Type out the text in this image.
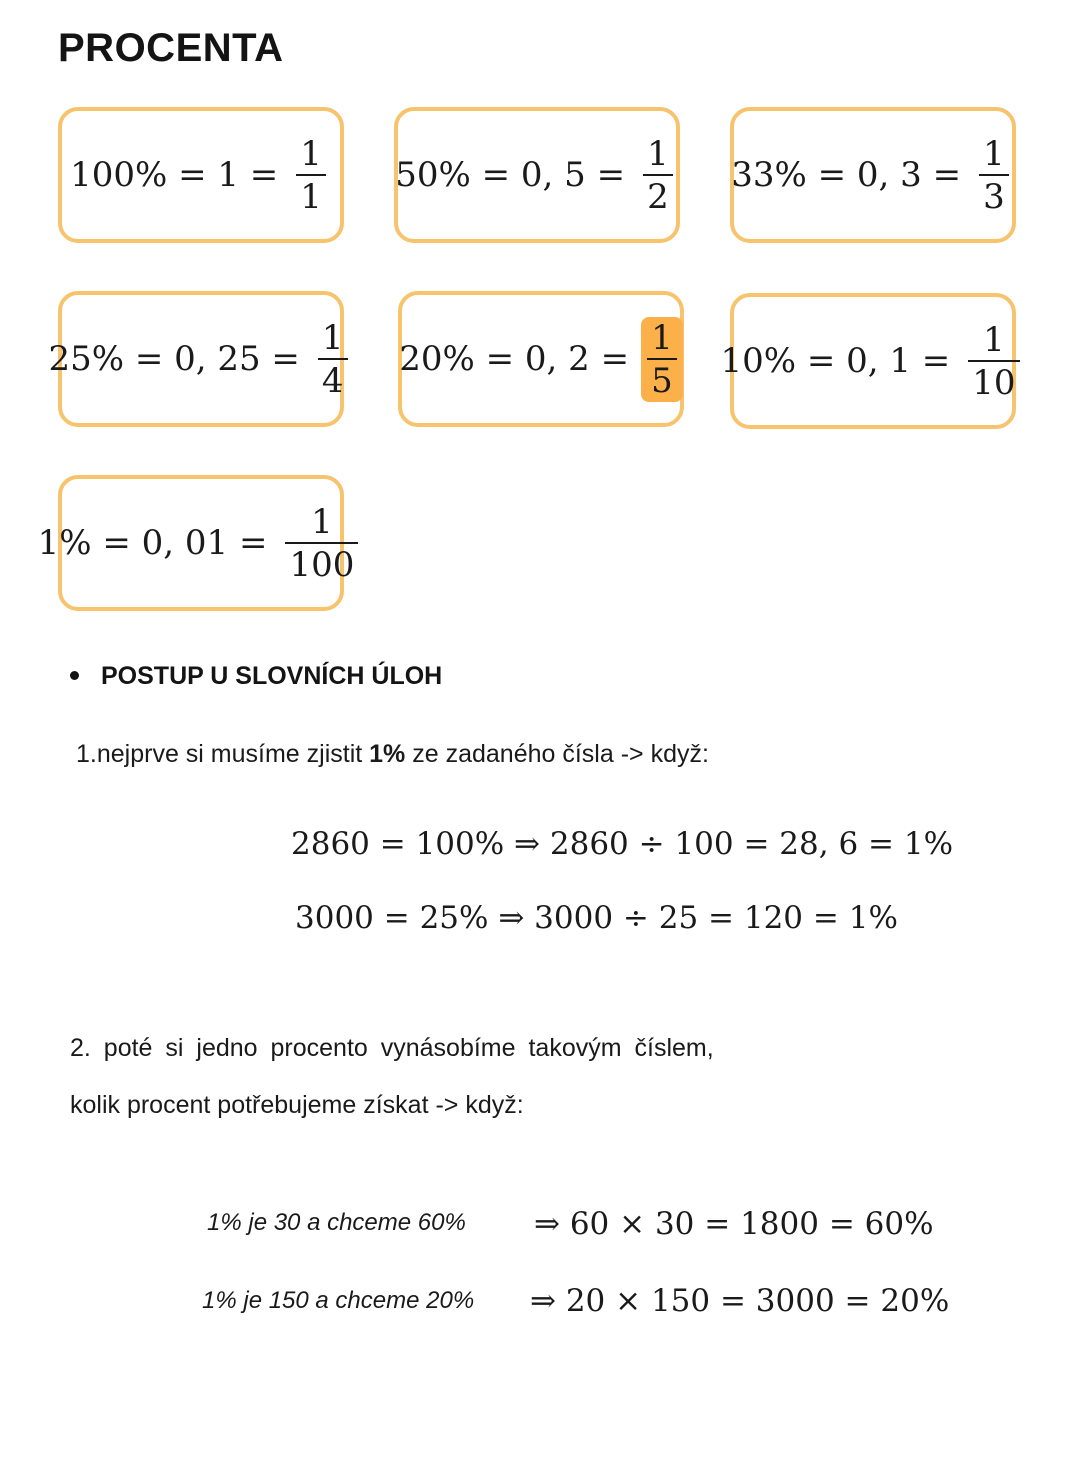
PROCENTA
$100\% = 1 = \frac{1}{1} 50\% = 0$, $5 = \frac{1}{2} 33\% = 0$, $3 = \frac{1}{3}$
25% = 0, $25 = \frac{1}{4} 20\% = 0$, $2 = \frac{1}{5} 10\% = 0$, $1 = \frac{1}{10}$
1% = 0, $01 = \frac{1}{100}$
POSTUP U SLOVNÍCH ÚLOH
1.nejprve si musíme zjistit 1% ze zadaného čísla -> když:
2860 = 100% ⇒ 2860 ÷ 100 = 28, 6 = 1%
3000 = 25% ⇒ 3000 ÷ 25 = 120 = 1%
2. poté si jedno procento vynásobíme takovým číslem,
kolik procent potřebujeme získat -> když:
1% je 30 a chceme 60% ⇒ 60 × 30 = 1800 = 60%
1% je 150 a chceme 20% ⇒ 20 × 150 = 3000 = 20%
